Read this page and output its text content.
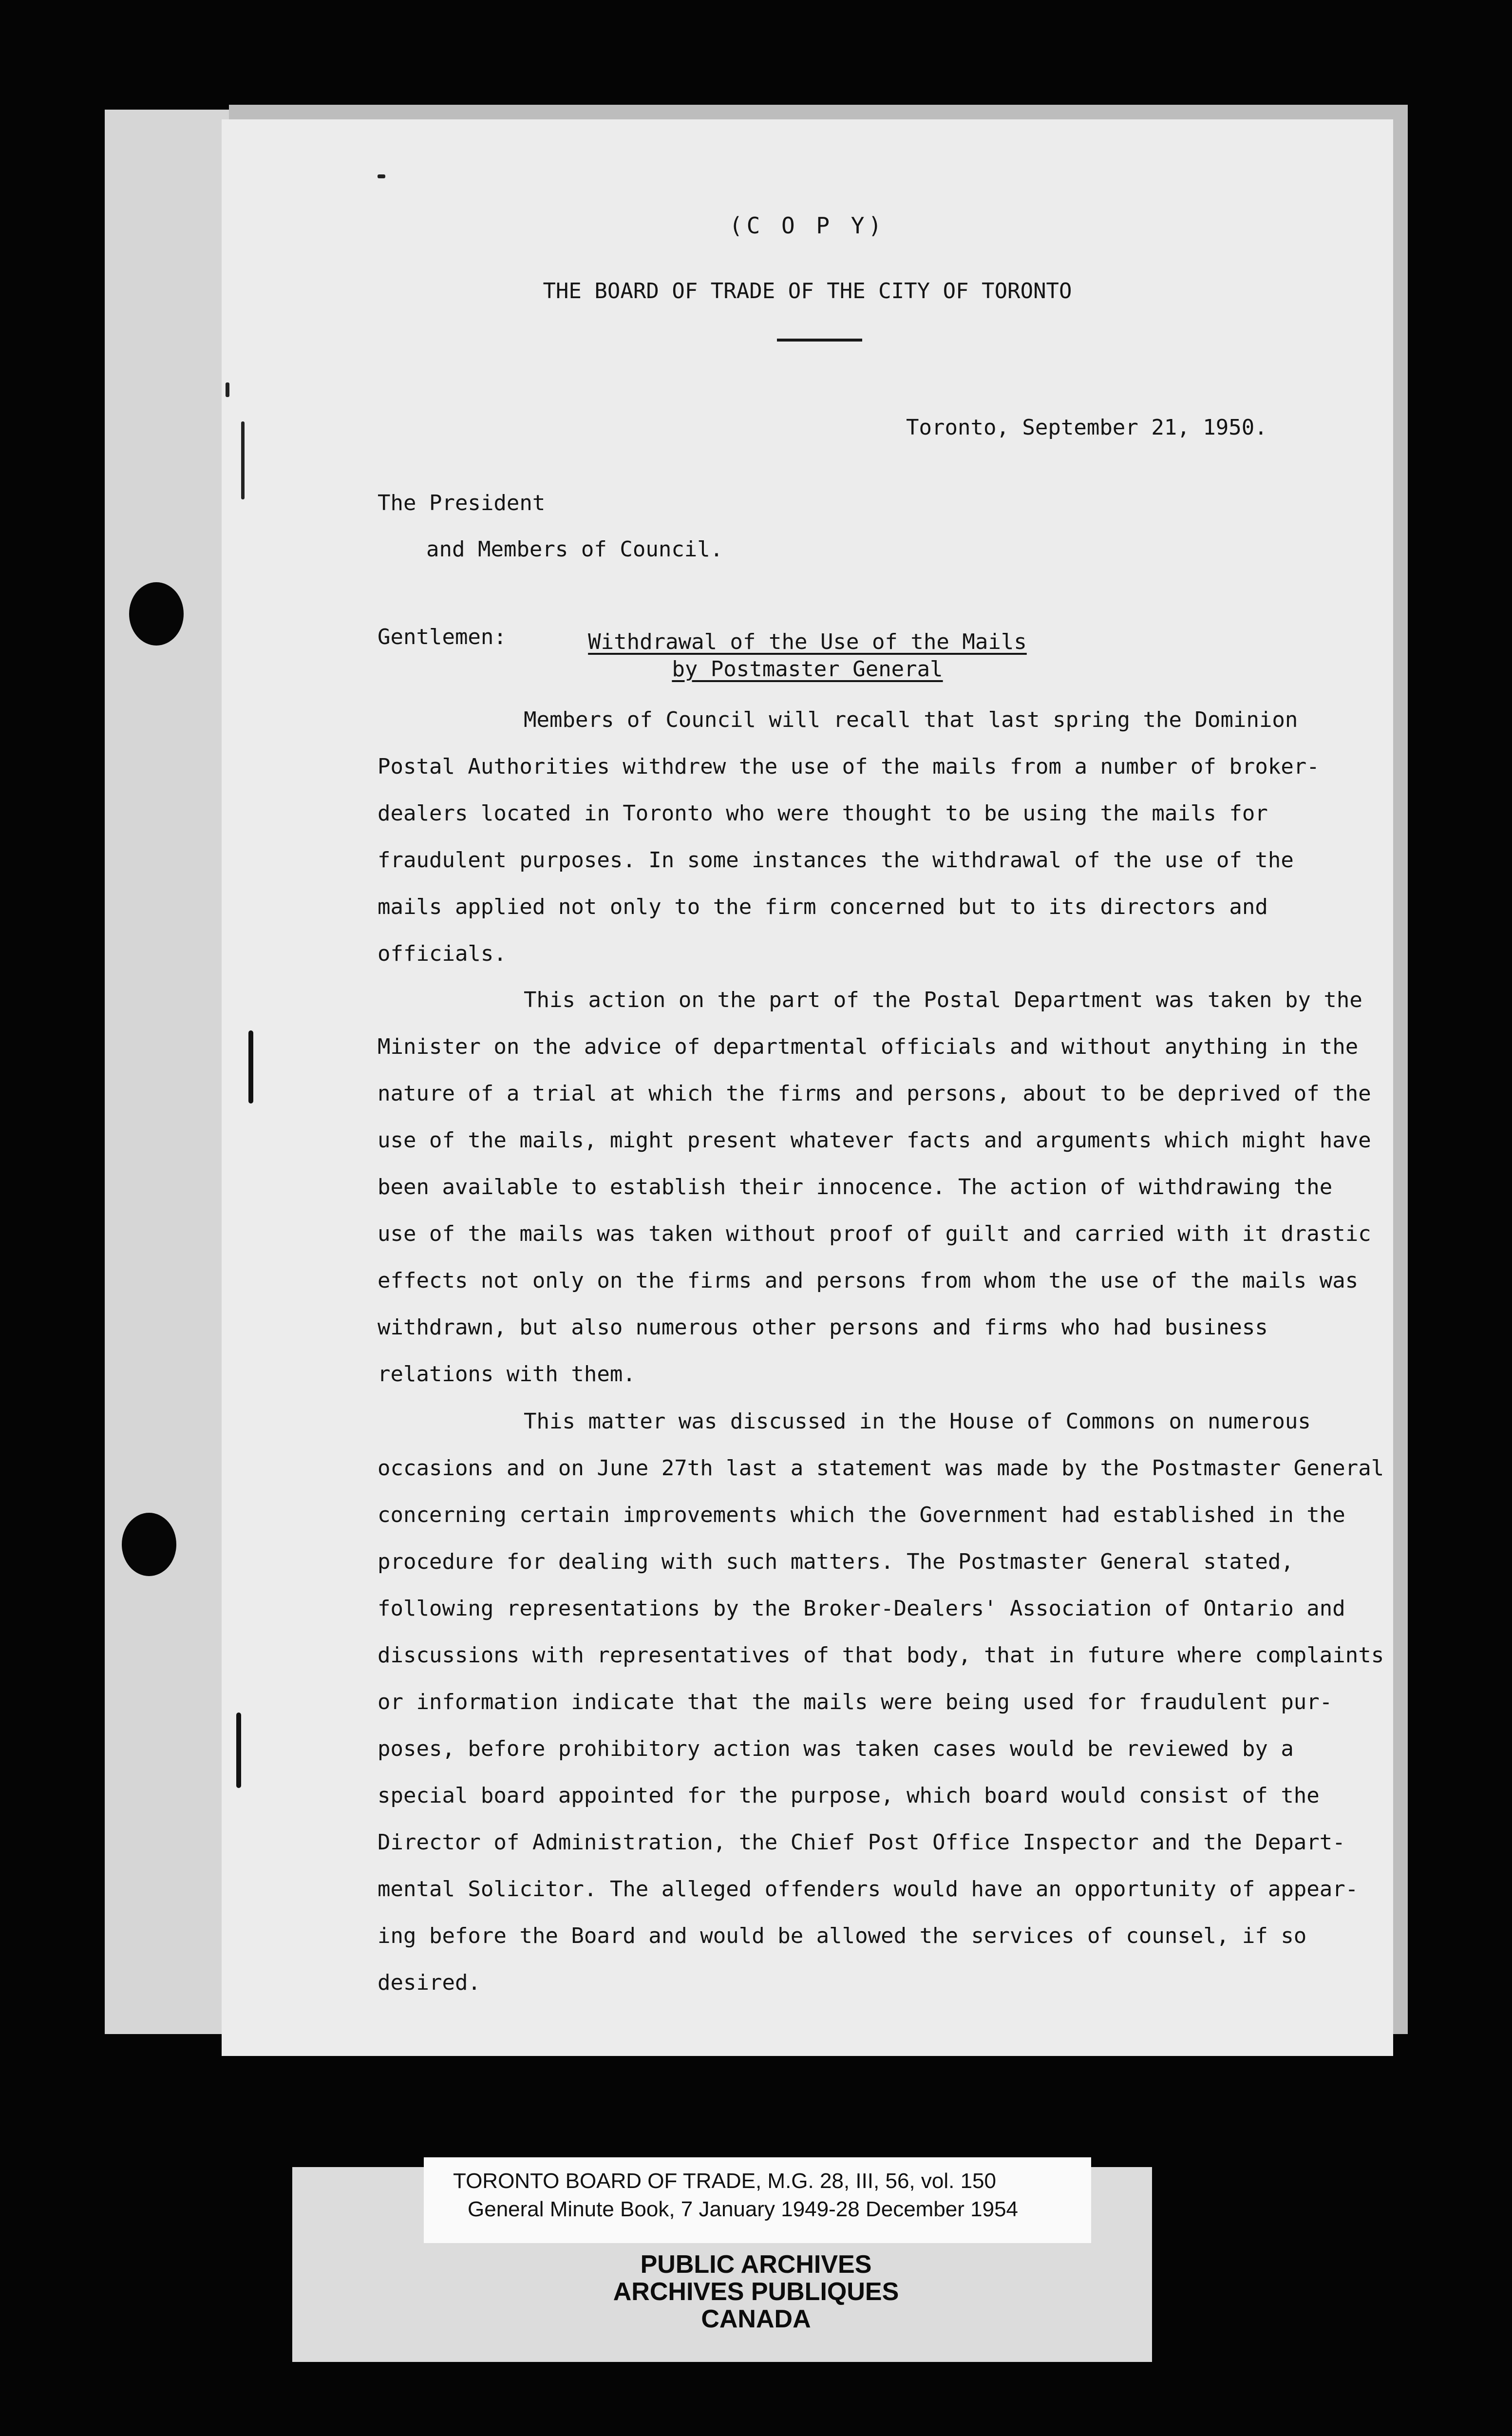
(C O P Y)
THE BOARD OF TRADE OF THE CITY OF TORONTO
Toronto, September 21, 1950.
The President
and Members of Council.
Gentlemen:	Withdrawal of the Use of the Mails
by Postmaster General
Members of Council will recall that last spring the Dominion
Postal Authorities withdrew the use of the mails from a number of broker-
dealers located in Toronto who were thought to be using the mails for
fraudulent purposes. In some instances the withdrawal of the use of the
mails applied not only to the firm concerned but to its directors and
officials.
This action on the part of the Postal Department was taken by the
Minister on the advice of departmental officials and without anything in the
nature of a trial at which the firms and persons, about to be deprived of the
use of the mails, might present whatever facts and arguments which might have
been available to establish their innocence. The action of withdrawing the
use of the mails was taken without proof of guilt and carried with it drastic
effects not only on the firms and persons from whom the use of the mails was
withdrawn, but also numerous other persons and firms who had business
relations with them.
This matter was discussed in the House of Commons on numerous
occasions and on June 27th last a statement was made by the Postmaster General
concerning certain improvements which the Government had established in the
procedure for dealing with such matters. The Postmaster General stated,
following representations by the Broker-Dealers' Association of Ontario and
discussions with representatives of that body, that in future where complaints
or information indicate that the mails were being used for fraudulent pur-
poses, before prohibitory action was taken cases would be reviewed by a
special board appointed for the purpose, which board would consist of the
Director of Administration, the Chief Post Office Inspector and the Depart-
mental Solicitor. The alleged offenders would have an opportunity of appear-
ing before the Board and would be allowed the services of counsel, if so
desired.
TORONTO BOARD OF TRADE, M.G. 28, III, 56, vol. 150
General Minute Book, 7 January 1949-28 December 1954
PUBLIC ARCHIVES
ARCHIVES PUBLIQUES
CANADA
